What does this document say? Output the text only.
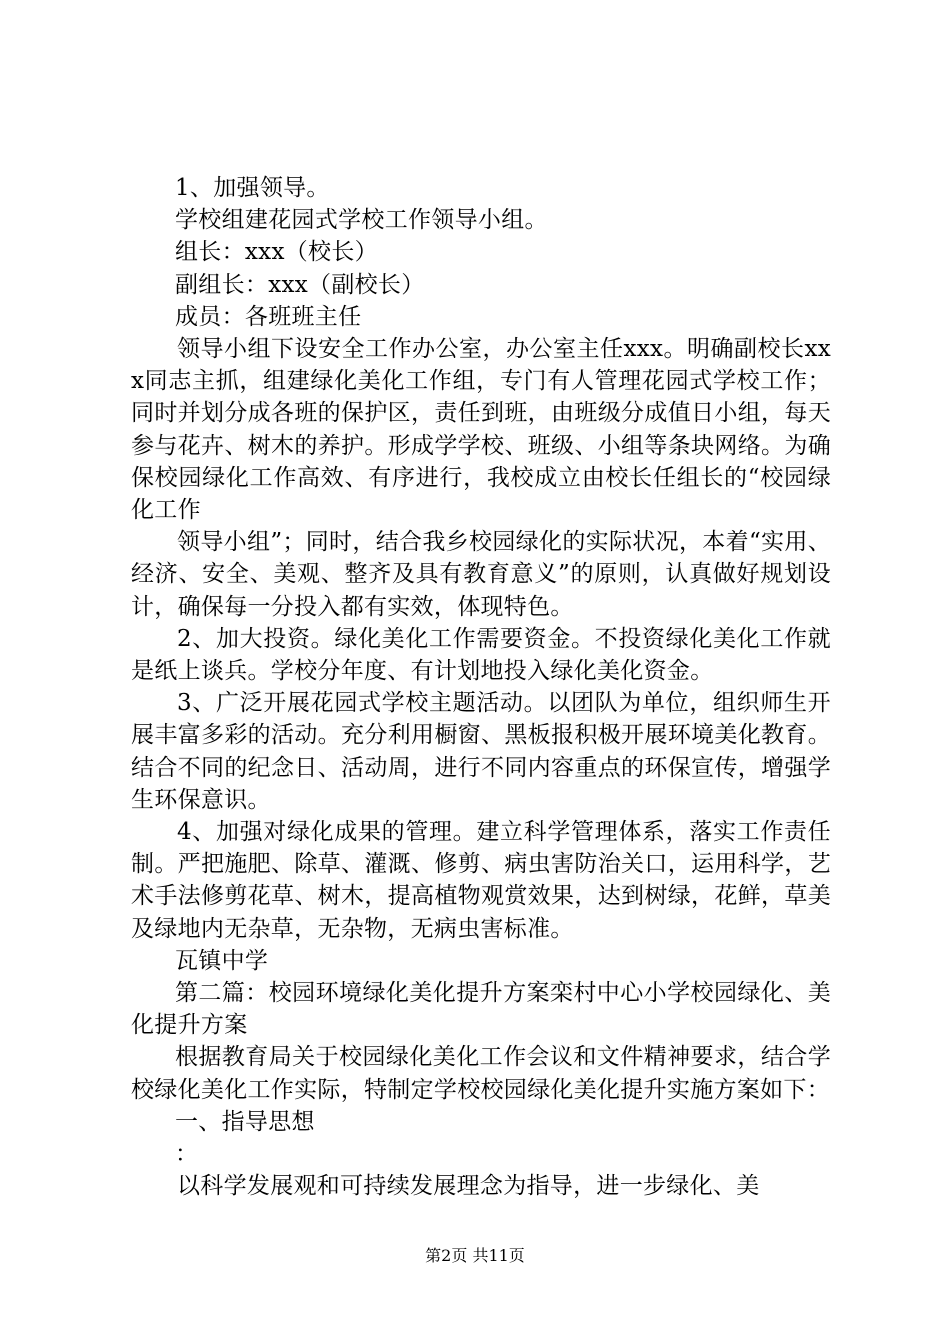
1、加强领导。

学校组建花园式学校工作领导小组。

组长：xxx（校长）

副组长：xxx（副校长）

成员：各班班主任

领导小组下设安全工作办公室，办公室主任xxx。明确副校长xxx同志主抓，组建绿化美化工作组，专门有人管理花园式学校工作；同时并划分成各班的保护区，责任到班，由班级分成值日小组，每天参与花卉、树木的养护。形成学学校、班级、小组等条块网络。为确保校园绿化工作高效、有序进行，我校成立由校长任组长的“校园绿化工作

领导小组”；同时，结合我乡校园绿化的实际状况，本着“实用、经济、安全、美观、整齐及具有教育意义”的原则，认真做好规划设计，确保每一分投入都有实效，体现特色。

2、加大投资。绿化美化工作需要资金。不投资绿化美化工作就是纸上谈兵。学校分年度、有计划地投入绿化美化资金。

3、广泛开展花园式学校主题活动。以团队为单位，组织师生开展丰富多彩的活动。充分利用橱窗、黑板报积极开展环境美化教育。结合不同的纪念日、活动周，进行不同内容重点的环保宣传，增强学生环保意识。

4、加强对绿化成果的管理。建立科学管理体系，落实工作责任制。严把施肥、除草、灌溉、修剪、病虫害防治关口，运用科学，艺术手法修剪花草、树木，提高植物观赏效果，达到树绿，花鲜，草美及绿地内无杂草，无杂物，无病虫害标准。

瓦镇中学

第二篇：校园环境绿化美化提升方案栾村中心小学校园绿化、美化提升方案

根据教育局关于校园绿化美化工作会议和文件精神要求，结合学校绿化美化工作实际，特制定学校校园绿化美化提升实施方案如下：

一、指导思想

：

以科学发展观和可持续发展理念为指导，进一步绿化、美

第2页 共11页
